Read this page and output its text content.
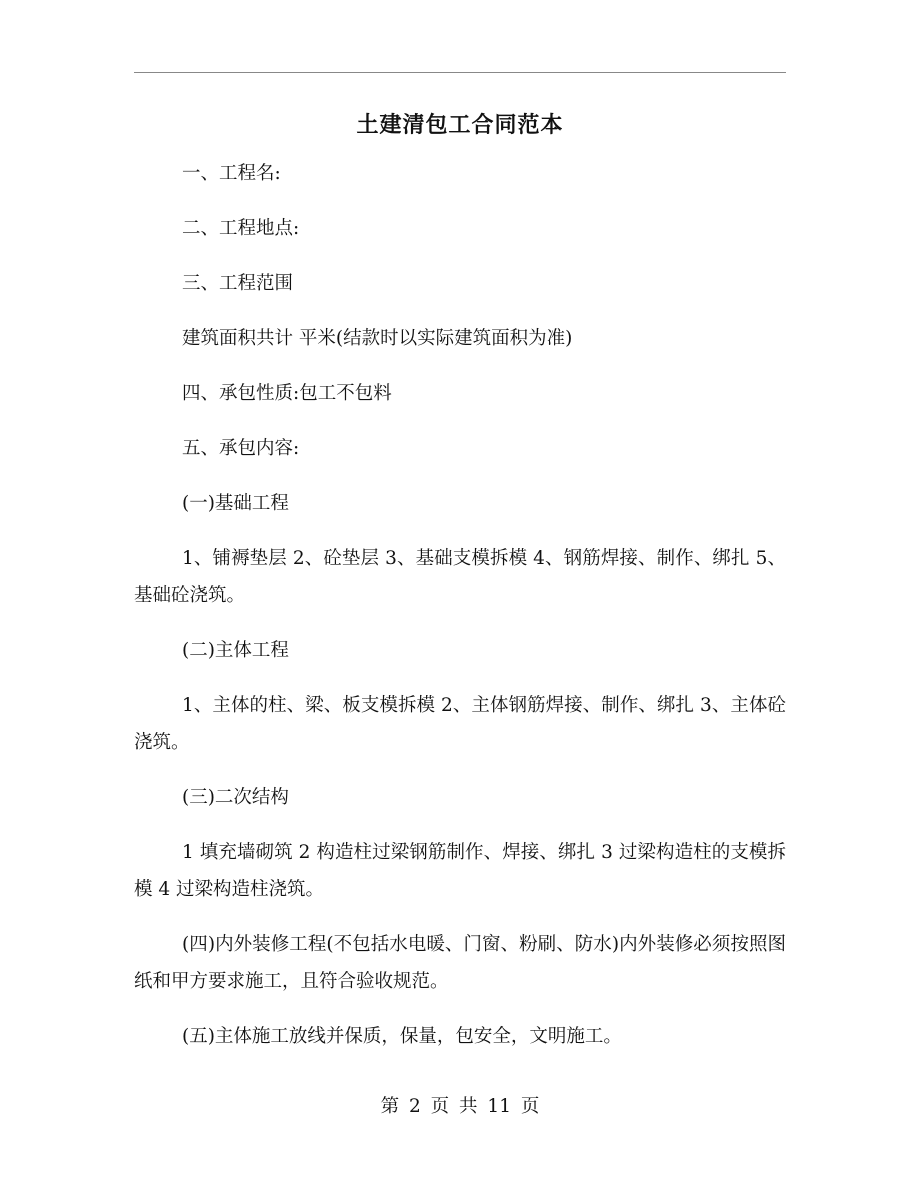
土建清包工合同范本

一、工程名:

二、工程地点:

三、工程范围

建筑面积共计 平米(结款时以实际建筑面积为准)

四、承包性质:包工不包料

五、承包内容:

(一)基础工程

1、铺褥垫层 2、砼垫层 3、基础支模拆模 4、钢筋焊接、制作、绑扎 5、基础砼浇筑。

(二)主体工程

1、主体的柱、梁、板支模拆模 2、主体钢筋焊接、制作、绑扎 3、主体砼浇筑。

(三)二次结构

1 填充墙砌筑 2 构造柱过梁钢筋制作、焊接、绑扎 3 过梁构造柱的支模拆模 4 过梁构造柱浇筑。

(四)内外装修工程(不包括水电暖、门窗、粉刷、防水)内外装修必须按照图纸和甲方要求施工，且符合验收规范。

(五)主体施工放线并保质，保量，包安全，文明施工。

第 2 页 共 11 页
